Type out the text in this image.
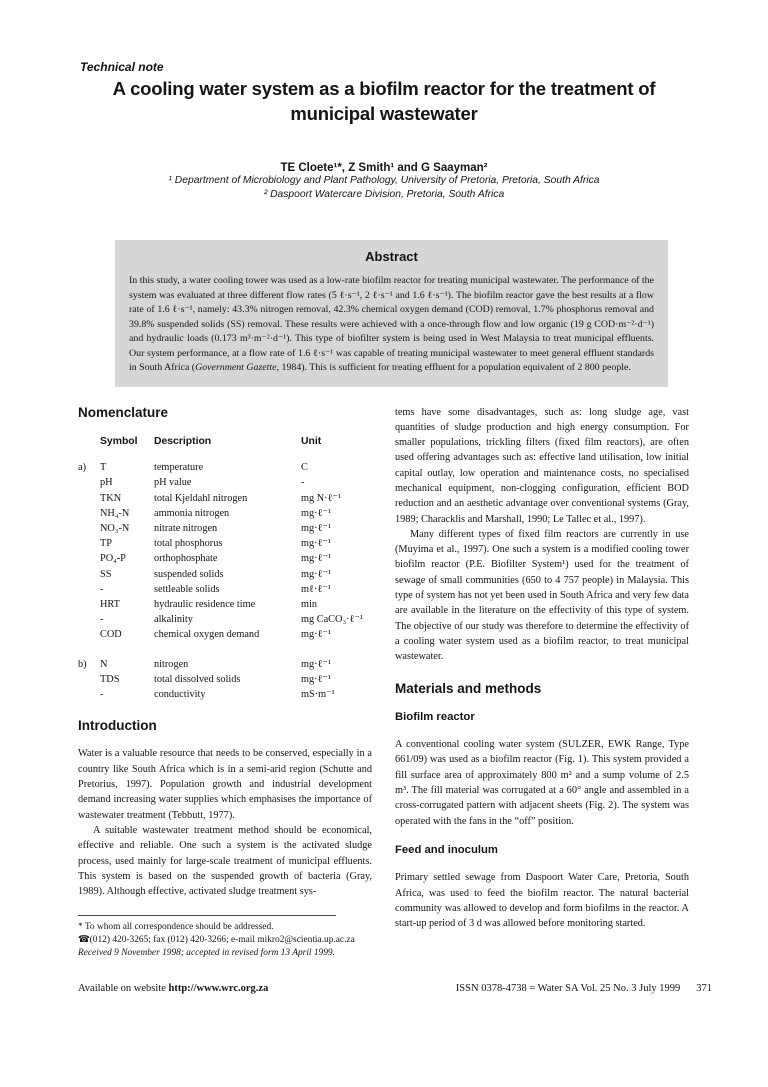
Technical note
A cooling water system as a biofilm reactor for the treatment of
municipal wastewater
TE Cloete¹*, Z Smith¹ and G Saayman²
¹ Department of Microbiology and Plant Pathology, University of Pretoria, Pretoria, South Africa
² Daspoort Watercare Division, Pretoria, South Africa
Abstract

In this study, a water cooling tower was used as a low-rate biofilm reactor for treating municipal wastewater. The performance of the system was evaluated at three different flow rates (5 ℓ·s⁻¹, 2 ℓ·s⁻¹ and 1.6 ℓ·s⁻¹). The biofilm reactor gave the best results at a flow rate of 1.6 ℓ·s⁻¹, namely: 43.3% nitrogen removal, 42.3% chemical oxygen demand (COD) removal, 1.7% phosphorus removal and 39.8% suspended solids (SS) removal. These results were achieved with a once-through flow and low organic (19 g COD·m⁻²·d⁻¹) and hydraulic loads (0.173 m³·m⁻²·d⁻¹). This type of biofilter system is being used in West Malaysia to treat municipal effluents. Our system performance, at a flow rate of 1.6 ℓ·s⁻¹ was capable of treating municipal wastewater to meet general effluent standards in South Africa (Government Gazette, 1984). This is sufficient for treating effluent for a population equivalent of 2 800 people.

Nomenclature
Symbol	Description	Unit
a)	T	temperature	C
pH	pH value	-
TKN	total Kjeldahl nitrogen	mg N·ℓ⁻¹
NH₄-N	ammonia nitrogen	mg·ℓ⁻¹
NO₃-N	nitrate nitrogen	mg·ℓ⁻¹
TP	total phosphorus	mg·ℓ⁻¹
PO₄-P	orthophosphate	mg·ℓ⁻¹
SS	suspended solids	mg·ℓ⁻¹
-	settleable solids	mℓ·ℓ⁻¹
HRT	hydraulic residence time	min
-	alkalinity	mg CaCO₃·ℓ⁻¹
COD	chemical oxygen demand	mg·ℓ⁻¹
b)	N	nitrogen	mg·ℓ⁻¹
TDS	total dissolved solids	mg·ℓ⁻¹
-	conductivity	mS·m⁻¹
Introduction

Water is a valuable resource that needs to be conserved, especially in a country like South Africa which is in a semi-arid region (Schutte and Pretorius, 1997). Population growth and industrial development demand increasing water supplies which emphasises the importance of wastewater treatment (Tebbutt, 1977).

A suitable wastewater treatment method should be economical, effective and reliable. One such a system is the activated sludge process, used mainly for large-scale treatment of municipal effluents. This system is based on the suspended growth of bacteria (Gray, 1989). Although effective, activated sludge treatment sys-

* To whom all correspondence should be addressed.
☎(012) 420-3265; fax (012) 420-3266; e-mail mikro2@scientia.up.ac.za
Received 9 November 1998; accepted in revised form 13 April 1999.

tems have some disadvantages, such as: long sludge age, vast quantities of sludge production and high energy consumption. For smaller populations, trickling filters (fixed film reactors), are often used offering advantages such as: effective land utilisation, low initial capital outlay, low operation and maintenance costs, no specialised mechanical equipment, non-clogging configuration, efficient BOD reduction and an aesthetic advantage over conventional systems (Gray, 1989; Characklis and Marshall, 1990; Le Tallec et al., 1997).

Many different types of fixed film reactors are currently in use (Muyima et al., 1997). One such a system is a modified cooling tower biofilm reactor (P.E. Biofilter System¹) used for the treatment of sewage of small communities (650 to 4 757 people) in Malaysia. This type of system has not yet been used in South Africa and very few data are available in the literature on the effectivity of this type of system. The objective of our study was therefore to determine the effectivity of a cooling water system used as a biofilm reactor, to treat municipal wastewater.

Materials and methods
Biofilm reactor

A conventional cooling water system (SULZER, EWK Range, Type 661/09) was used as a biofilm reactor (Fig. 1). This system provided a fill surface area of approximately 800 m² and a sump volume of 2.5 m³. The fill material was corrugated at a 60° angle and assembled in a cross-corrugated pattern with adjacent sheets (Fig. 2). The system was operated with the fans in the “off” position.

Feed and inoculum

Primary settled sewage from Daspoort Water Care, Pretoria, South Africa, was used to feed the biofilm reactor. The natural bacterial community was allowed to develop and form biofilms in the reactor. A start-up period of 3 d was allowed before monitoring started.

Available on website http://www.wrc.org.za	ISSN 0378-4738 = Water SA Vol. 25 No. 3 July 1999 371
